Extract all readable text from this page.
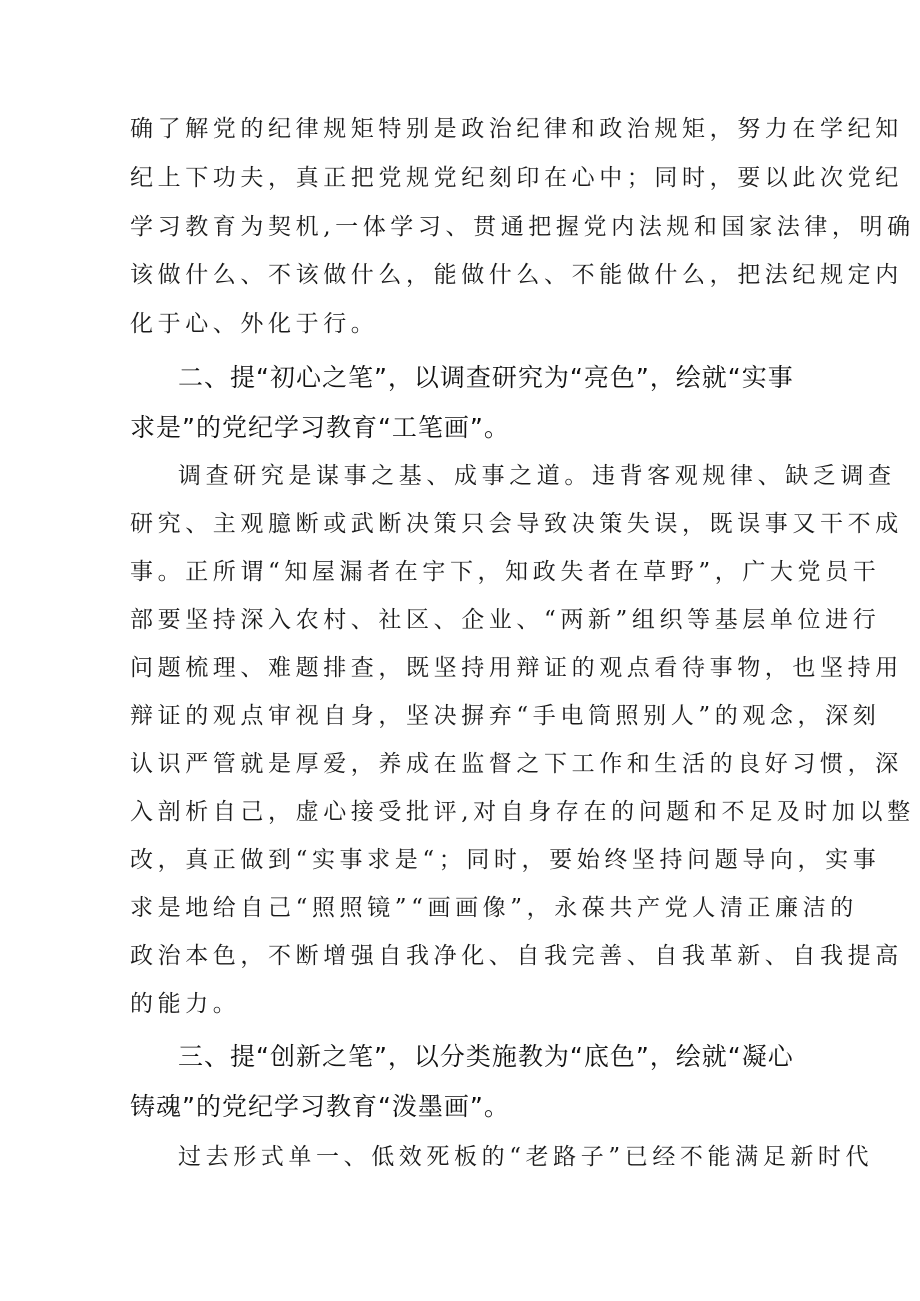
确了解党的纪律规矩特别是政治纪律和政治规矩，努力在学纪知
纪上下功夫，真正把党规党纪刻印在心中；同时，要以此次党纪
学习教育为契机,一体学习、贯通把握党内法规和国家法律，明确
该做什么、不该做什么，能做什么、不能做什么，把法纪规定内
化于心、外化于行。
二、提“初心之笔”，以调查研究为“亮色”，绘就“实事
求是”的党纪学习教育“工笔画”。
调查研究是谋事之基、成事之道。违背客观规律、缺乏调查
研究、主观臆断或武断决策只会导致决策失误，既误事又干不成
事。正所谓“知屋漏者在宇下，知政失者在草野”，广大党员干
部要坚持深入农村、社区、企业、“两新”组织等基层单位进行
问题梳理、难题排查，既坚持用辩证的观点看待事物，也坚持用
辩证的观点审视自身，坚决摒弃“手电筒照别人”的观念，深刻
认识严管就是厚爱，养成在监督之下工作和生活的良好习惯，深
入剖析自己，虚心接受批评,对自身存在的问题和不足及时加以整
改，真正做到“实事求是“；同时，要始终坚持问题导向，实事
求是地给自己“照照镜”“画画像”，永葆共产党人清正廉洁的
政治本色，不断增强自我净化、自我完善、自我革新、自我提高
的能力。
三、提“创新之笔”，以分类施教为“底色”，绘就“凝心
铸魂”的党纪学习教育“泼墨画”。
过去形式单一、低效死板的“老路子”已经不能满足新时代
